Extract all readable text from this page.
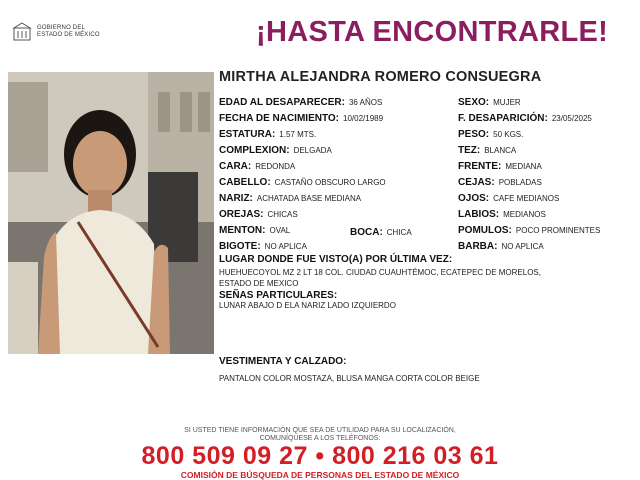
GOBIERNO DEL
ESTADO DE MÉXICO	¡HASTA ENCONTRARLE!
MIRTHA ALEJANDRA ROMERO CONSUEGRA
EDAD AL DESAPARECER: 36 AÑOS
FECHA DE NACIMIENTO: 10/02/1989
ESTATURA: 1.57 MTS.
COMPLEXION: DELGADA
CARA: REDONDA
CABELLO: CASTAÑO OBSCURO LARGO
NARIZ: ACHATADA BASE MEDIANA
OREJAS: CHICAS
MENTON: OVAL	BOCA: CHICA
BIGOTE: NO APLICA
SEXO: MUJER
F. DESAPARICIÓN: 23/05/2025
PESO: 50 KGS.
TEZ: BLANCA
FRENTE: MEDIANA
CEJAS: POBLADAS
OJOS: CAFE MEDIANOS
LABIOS: MEDIANOS
POMULOS: POCO PROMINENTES
BARBA: NO APLICA
LUGAR DONDE FUE VISTO(A) POR ÚLTIMA VEZ:
HUEHUECOYOL MZ 2 LT 18 COL. CIUDAD CUAUHTÉMOC, ECATEPEC DE MORELOS,
ESTADO DE MEXICO
SEÑAS PARTICULARES:
LUNAR ABAJO D ELA NARIZ LADO IZQUIERDO
VESTIMENTA Y CALZADO:
PANTALON COLOR MOSTAZA, BLUSA MANGA CORTA COLOR BEIGE
SI USTED TIENE INFORMACIÓN QUE SEA DE UTILIDAD PARA SU LOCALIZACIÓN,
COMUNÍQUESE A LOS TELÉFONOS:
800 509 09 27 • 800 216 03 61
COMISIÓN DE BÚSQUEDA DE PERSONAS DEL ESTADO DE MÉXICO
